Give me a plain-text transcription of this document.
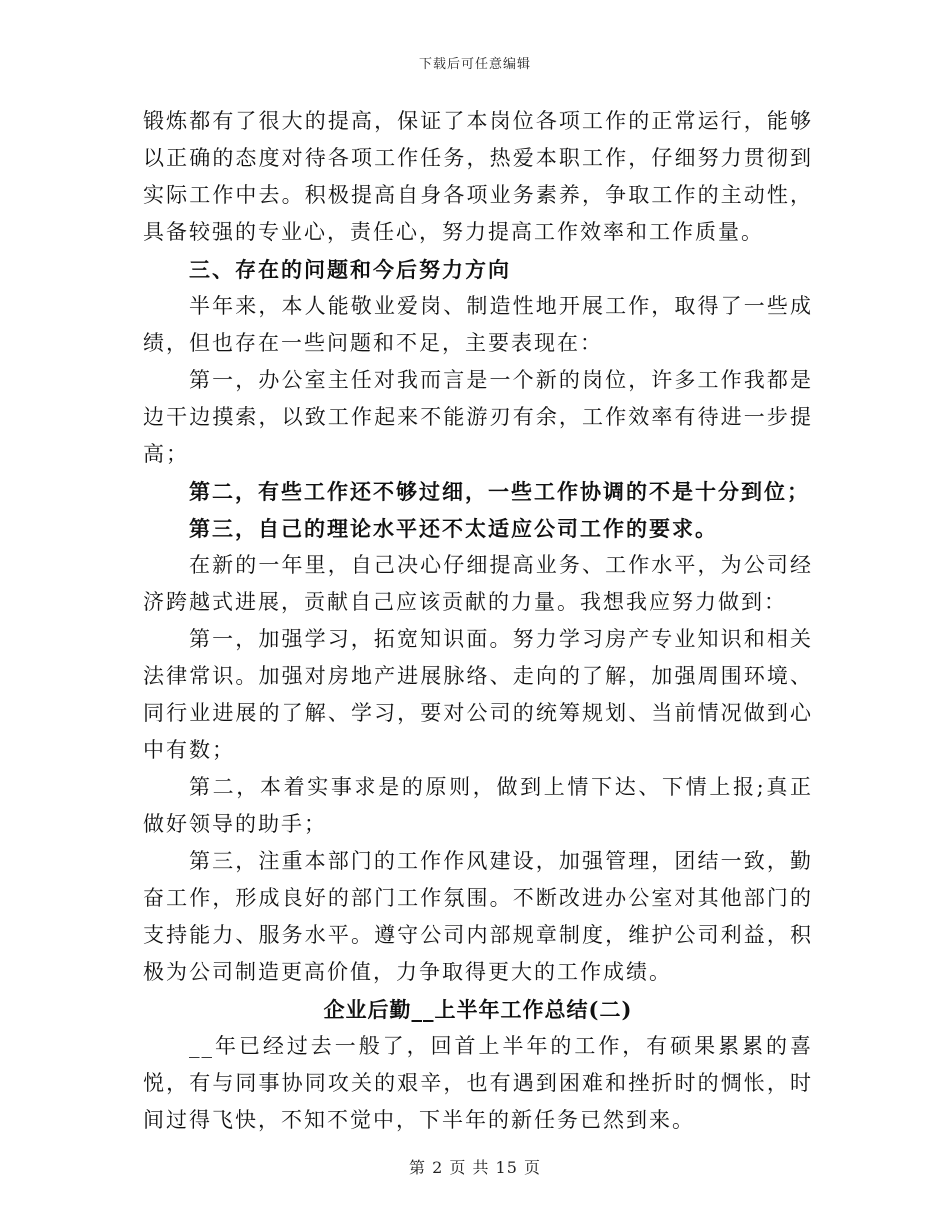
下载后可任意编辑

锻炼都有了很大的提高，保证了本岗位各项工作的正常运行，能够以正确的态度对待各项工作任务，热爱本职工作，仔细努力贯彻到实际工作中去。积极提高自身各项业务素养，争取工作的主动性，具备较强的专业心，责任心，努力提高工作效率和工作质量。

三、存在的问题和今后努力方向

半年来，本人能敬业爱岗、制造性地开展工作，取得了一些成绩，但也存在一些问题和不足，主要表现在：

第一，办公室主任对我而言是一个新的岗位，许多工作我都是边干边摸索，以致工作起来不能游刃有余，工作效率有待进一步提高；

第二，有些工作还不够过细，一些工作协调的不是十分到位；

第三，自己的理论水平还不太适应公司工作的要求。

在新的一年里，自己决心仔细提高业务、工作水平，为公司经济跨越式进展，贡献自己应该贡献的力量。我想我应努力做到：

第一，加强学习，拓宽知识面。努力学习房产专业知识和相关法律常识。加强对房地产进展脉络、走向的了解，加强周围环境、同行业进展的了解、学习，要对公司的统筹规划、当前情况做到心中有数；

第二，本着实事求是的原则，做到上情下达、下情上报;真正做好领导的助手；

第三，注重本部门的工作作风建设，加强管理，团结一致，勤奋工作，形成良好的部门工作氛围。不断改进办公室对其他部门的支持能力、服务水平。遵守公司内部规章制度，维护公司利益，积极为公司制造更高价值，力争取得更大的工作成绩。

企业后勤__上半年工作总结(二)

__年已经过去一般了，回首上半年的工作，有硕果累累的喜悦，有与同事协同攻关的艰辛，也有遇到困难和挫折时的惆怅，时间过得飞快，不知不觉中，下半年的新任务已然到来。

第 2 页 共 15 页
